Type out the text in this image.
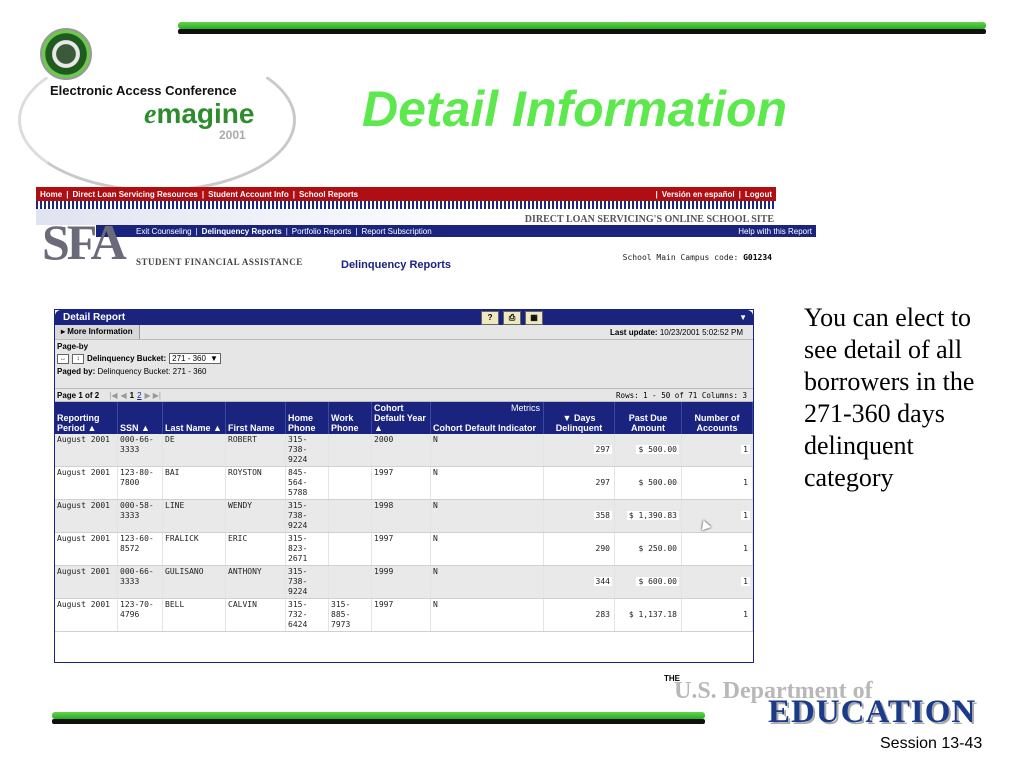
Electronic Access Conference
emagine
2001 Detail Information
You can elect to see detail of all borrowers in the 271-360 days delinquent category
Home | Direct Loan Servicing Resources | Student Account Info | School Reports	| Versión en español | Logout
DIRECT LOAN SERVICING'S ONLINE SCHOOL SITE
Exit Counseling | Delinquency Reports | Portfolio Reports | Report Subscription	Help with this Report
SFA STUDENT FINANCIAL ASSISTANCE	School Main Campus code: G01234
Delinquency Reports
Detail Report	?	⎙	▦	▼
▸ More Information	Last update: 10/23/2001 5:02:52 PM
Page-by
↔	↕ Delinquency Bucket: 271 - 360 ▼
Paged by: Delinquency Bucket: 271 - 360
Page 1 of 2 |◀ ◀ 1 2 ▶ ▶|	Rows: 1 - 50 of 71 Columns: 3
Reporting Period ▲	SSN ▲	Last Name ▲	First Name	Home Phone	Work Phone	Cohort Default Year ▲	Cohort Default Indicator
Metrics	▼ Days Delinquent	Past Due Amount	Number of Accounts
August 2001	000-66-3333	DE	ROBERT	315-738-9224		2000	N	297	$ 500.00	1
August 2001	123-80-7800	BAI	ROYSTON	845-564-5788		1997	N	297	$ 500.00	1
August 2001	000-58-3333	LINE	WENDY	315-738-9224		1998	N	358	$ 1,390.83	1
August 2001	123-60-8572	FRALICK	ERIC	315-823-2671		1997	N	290	$ 250.00	1
August 2001	000-66-3333	GULISANO	ANTHONY	315-738-9224		1999	N	344	$ 600.00	1
August 2001	123-70-4796	BELL	CALVIN	315-732-6424	315-885-7973	1997	N	283	$ 1,137.18	1
THE
U.S. Department of
EDUCATION
Session 13-43
